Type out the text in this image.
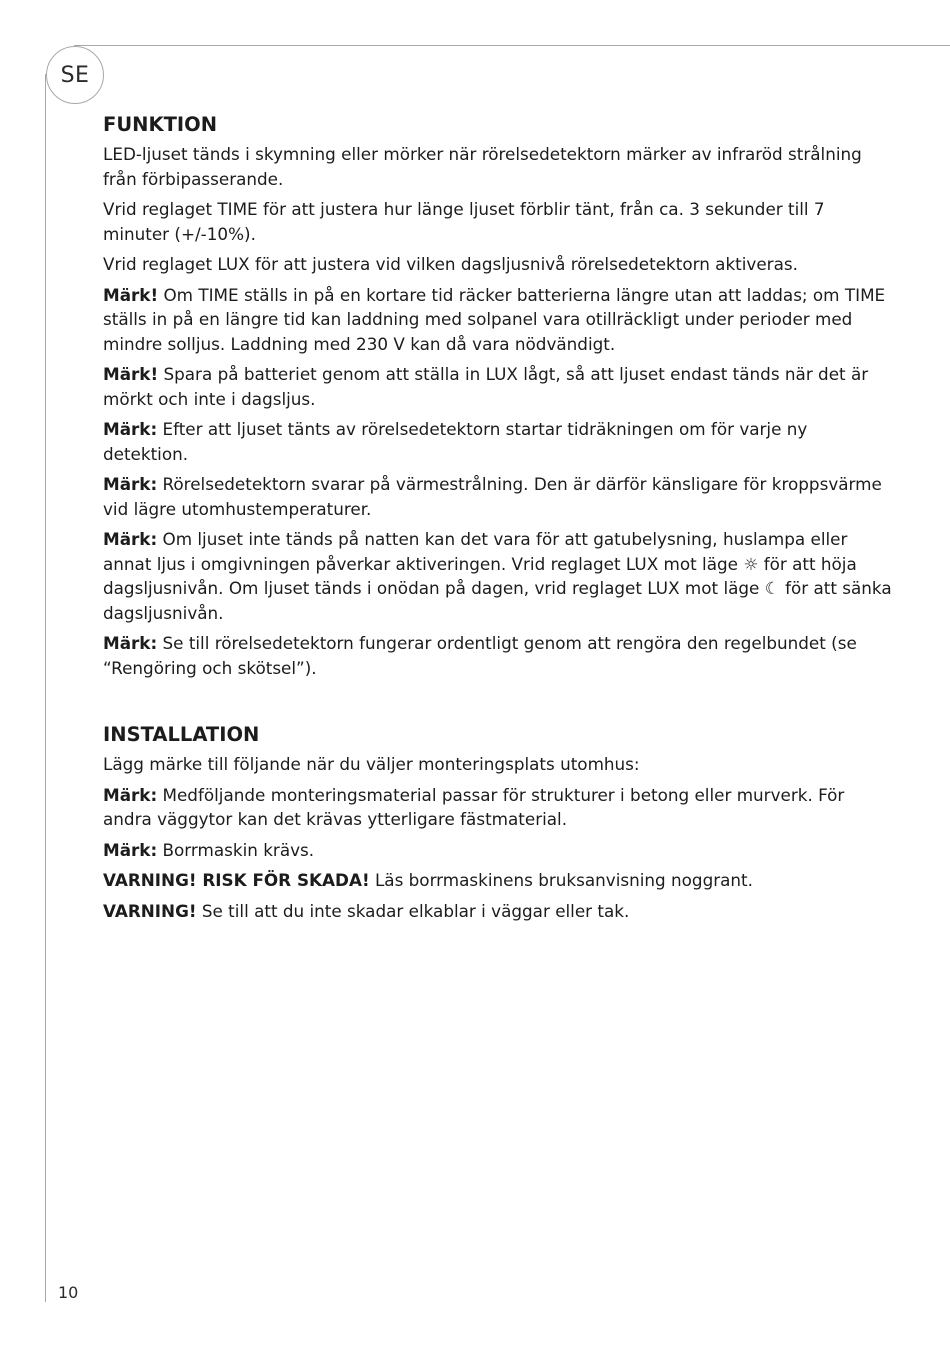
SE
FUNKTION

LED-ljuset tänds i skymning eller mörker när rörelsedetektorn märker av infraröd strålning från förbipasserande.

Vrid reglaget TIME för att justera hur länge ljuset förblir tänt, från ca. 3 sekunder till 7 minuter (+/-10%).

Vrid reglaget LUX för att justera vid vilken dagsljusnivå rörelsedetektorn aktiveras.

Märk! Om TIME ställs in på en kortare tid räcker batterierna längre utan att laddas; om TIME ställs in på en längre tid kan laddning med solpanel vara otillräckligt under perioder med mindre solljus. Laddning med 230 V kan då vara nödvändigt.

Märk! Spara på batteriet genom att ställa in LUX lågt, så att ljuset endast tänds när det är mörkt och inte i dagsljus.

Märk: Efter att ljuset tänts av rörelsedetektorn startar tidräkningen om för varje ny detektion.

Märk: Rörelsedetektorn svarar på värmestrålning. Den är därför känsligare för kroppsvärme vid lägre utomhustemperaturer.

Märk: Om ljuset inte tänds på natten kan det vara för att gatubelysning, huslampa eller annat ljus i omgivningen påverkar aktiveringen. Vrid reglaget LUX mot läge ☼ för att höja dagsljusnivån. Om ljuset tänds i onödan på dagen, vrid reglaget LUX mot läge ☾ för att sänka dagsljusnivån.

Märk: Se till rörelsedetektorn fungerar ordentligt genom att rengöra den regelbundet (se “Rengöring och skötsel”).

INSTALLATION

Lägg märke till följande när du väljer monteringsplats utomhus:

Märk: Medföljande monteringsmaterial passar för strukturer i betong eller murverk. För andra väggytor kan det krävas ytterligare fästmaterial.

Märk: Borrmaskin krävs.

VARNING! RISK FÖR SKADA! Läs borrmaskinens bruksanvisning noggrant.

VARNING! Se till att du inte skadar elkablar i väggar eller tak.

10
